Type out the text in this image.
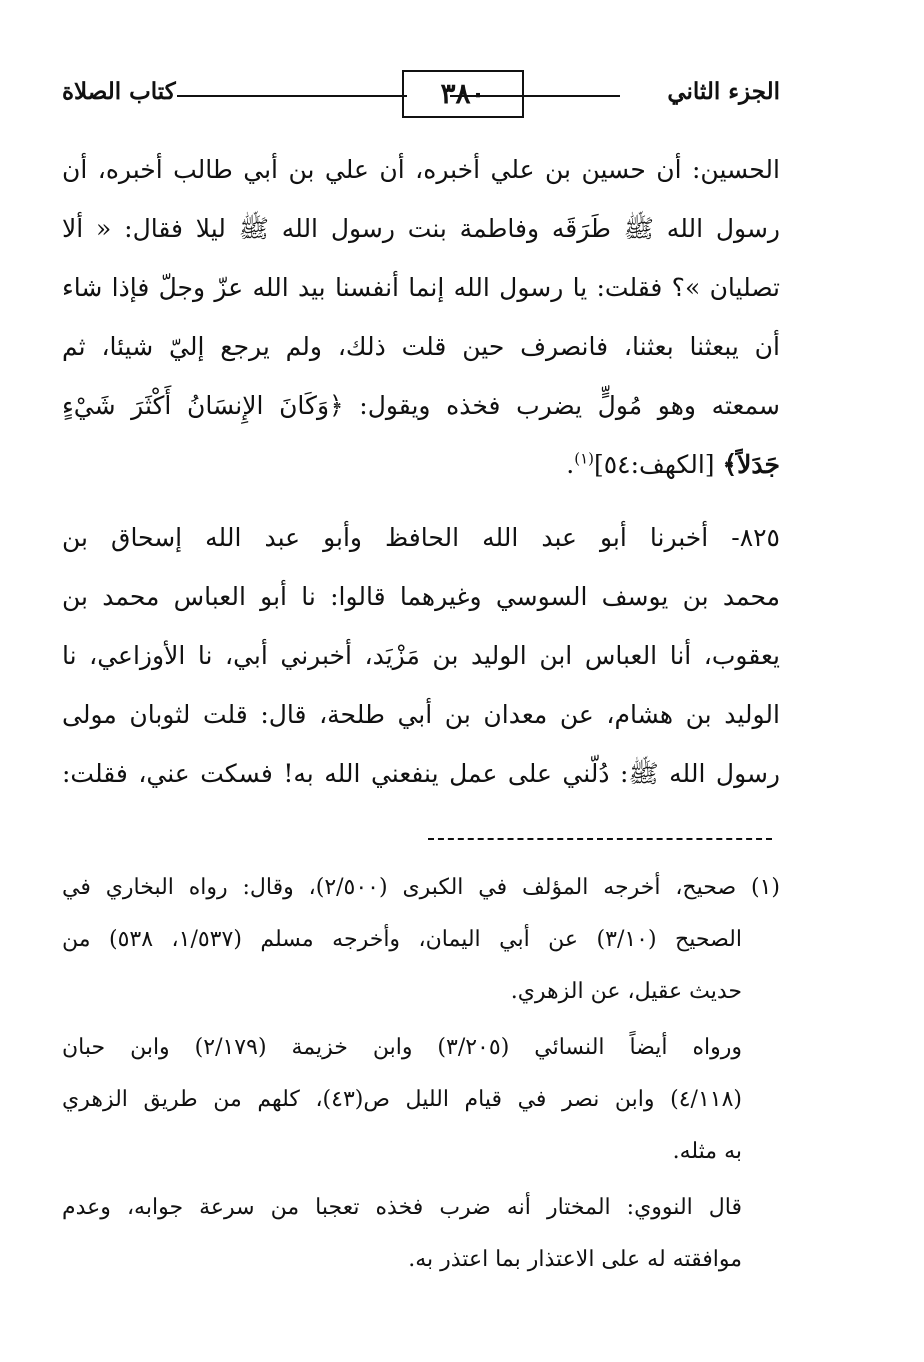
الجزء الثاني
٣٨٠
كتاب الصلاة
الحسين: أن حسين بن علي أخبره، أن علي بن أبي طالب أخبره، أن
رسول الله ﷺ طَرَقَه وفاطمة بنت رسول الله ﷺ ليلا فقال: « ألا
تصليان »؟ فقلت: يا رسول الله إنما أنفسنا بيد الله عزّ وجلّ فإذا شاء
أن يبعثنا بعثنا، فانصرف حين قلت ذلك، ولم يرجع إليّ شيئا، ثم
سمعته وهو مُولٍّ يضرب فخذه ويقول: ﴿وَكَانَ الإِنسَانُ أَكْثَرَ شَيْءٍ
جَدَلاً﴾ [الكهف:٥٤]$^{(١)}$.
٨٢٥- أخبرنا أبو عبد الله الحافظ وأبو عبد الله إسحاق بن
محمد بن يوسف السوسي وغيرهما قالوا: نا أبو العباس محمد بن
يعقوب، أنا العباس ابن الوليد بن مَزْيَد، أخبرني أبي، نا الأوزاعي، نا
الوليد بن هشام، عن معدان بن أبي طلحة، قال: قلت لثوبان مولى
رسول الله ﷺ: دُلّني على عمل ينفعني الله به! فسكت عني، فقلت:
(١) صحيح، أخرجه المؤلف في الكبرى (٢/٥٠٠)، وقال: رواه البخاري في
الصحيح (٣/١٠) عن أبي اليمان، وأخرجه مسلم (١/٥٣٧، ٥٣٨) من
حديث عقيل، عن الزهري.
ورواه أيضاً النسائي (٣/٢٠٥) وابن خزيمة (٢/١٧٩) وابن حبان
(٤/١١٨) وابن نصر في قيام الليل ص(٤٣)، كلهم من طريق الزهري
به مثله.
قال النووي: المختار أنه ضرب فخذه تعجبا من سرعة جوابه، وعدم
موافقته له على الاعتذار بما اعتذر به.
